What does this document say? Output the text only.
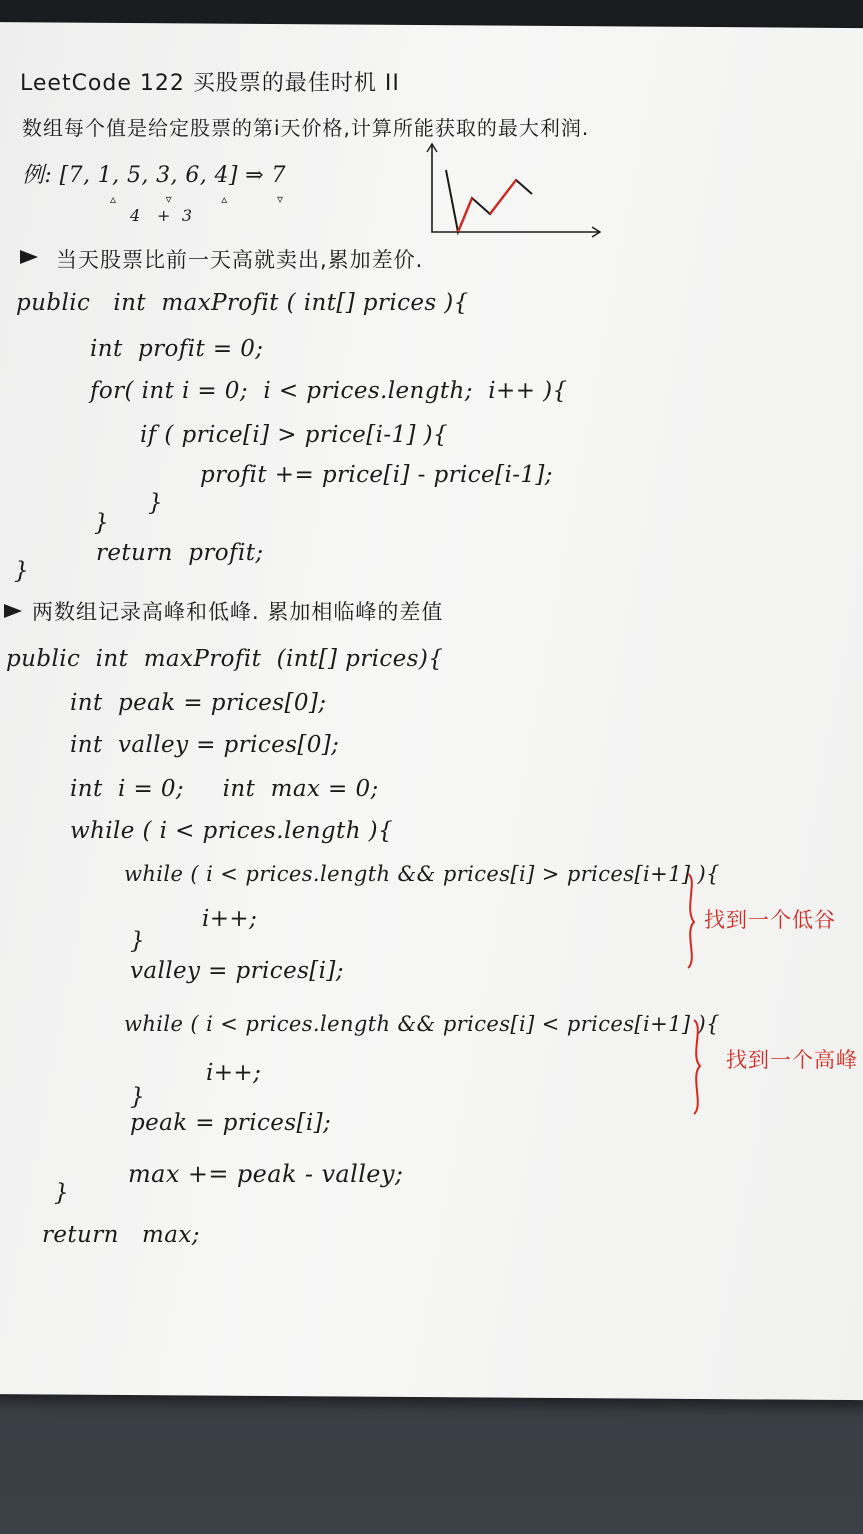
LeetCode 122 买股票的最佳时机 II
数组每个值是给定股票的第i天价格,计算所能获取的最大利润.
例: [7, 1, 5, 3, 6, 4] ⇒ 7
▵  ▿  ▵  ▿
4   +  3
当天股票比前一天高就卖出,累加差价.
public   int  maxProfit ( int[] prices ){
int  profit = 0;
for( int i = 0;  i < prices.length;  i++ ){
if ( price[i] > price[i-1] ){
profit += price[i] - price[i-1];
}
}
return  profit;
}
两数组记录高峰和低峰. 累加相临峰的差值
public  int  maxProfit  (int[] prices){
int  peak = prices[0];
int  valley = prices[0];
int  i = 0;     int  max = 0;
while ( i < prices.length ){
while ( i < prices.length && prices[i] > prices[i+1] ){
i++;
}
valley = prices[i];
while ( i < prices.length && prices[i] < prices[i+1] ){
i++;
}
peak = prices[i];
max += peak - valley;
}
return   max;
找到一个低谷
找到一个高峰
